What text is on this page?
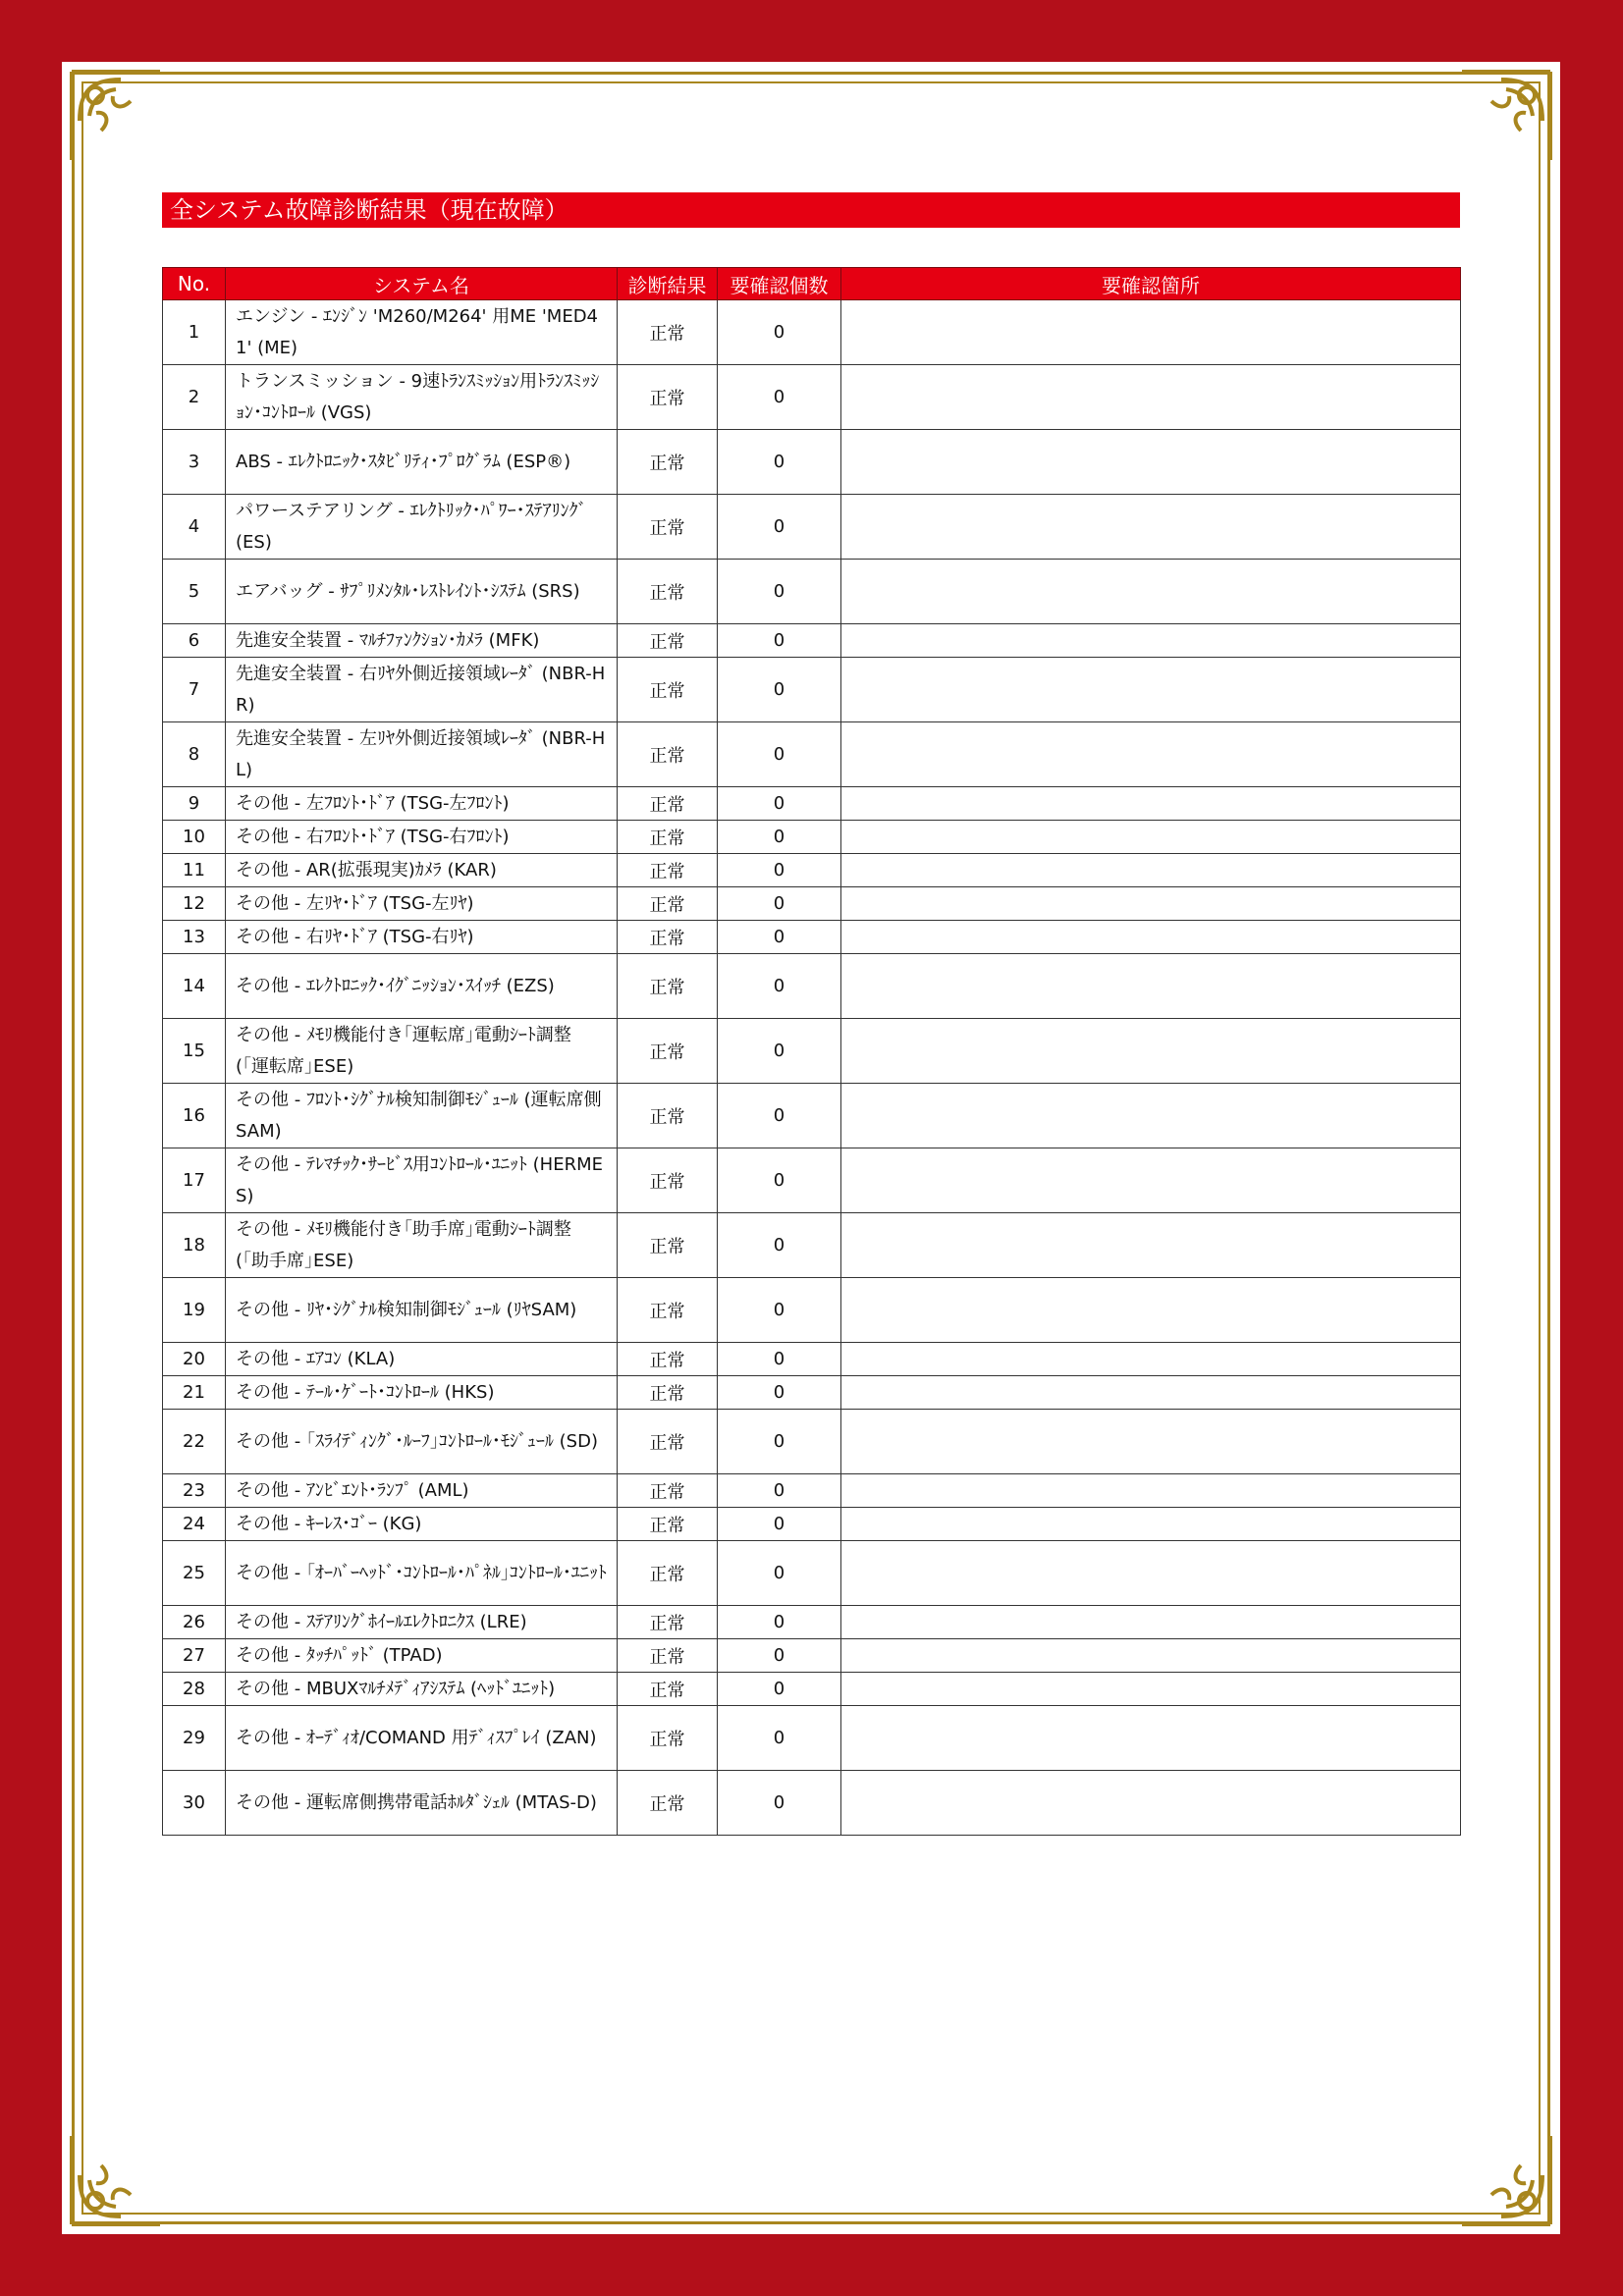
全システム故障診断結果（現在故障）
No.	システム名	診断結果	要確認個数	要確認箇所
1	エンジン - ｴﾝｼﾞﾝ 'M260/M264' 用ME 'MED41' (ME)	正常	0	
2	トランスミッション - 9速ﾄﾗﾝｽﾐｯｼｮﾝ用ﾄﾗﾝｽﾐｯｼｮﾝ･ｺﾝﾄﾛｰﾙ (VGS)	正常	0	
3	ABS - ｴﾚｸﾄﾛﾆｯｸ･ｽﾀﾋﾞﾘﾃｨ･ﾌﾟﾛｸﾞﾗﾑ (ESP®)	正常	0	
4	パワーステアリング - ｴﾚｸﾄﾘｯｸ･ﾊﾟﾜｰ･ｽﾃｱﾘﾝｸﾞ (ES)	正常	0	
5	エアバッグ - ｻﾌﾟﾘﾒﾝﾀﾙ･ﾚｽﾄﾚｲﾝﾄ･ｼｽﾃﾑ (SRS)	正常	0	
6	先進安全装置 - ﾏﾙﾁﾌｧﾝｸｼｮﾝ･ｶﾒﾗ (MFK)	正常	0	
7	先進安全装置 - 右ﾘﾔ外側近接領域ﾚｰﾀﾞ (NBR-HR)	正常	0	
8	先進安全装置 - 左ﾘﾔ外側近接領域ﾚｰﾀﾞ (NBR-HL)	正常	0	
9	その他 - 左ﾌﾛﾝﾄ･ﾄﾞｱ (TSG-左ﾌﾛﾝﾄ)	正常	0	
10	その他 - 右ﾌﾛﾝﾄ･ﾄﾞｱ (TSG-右ﾌﾛﾝﾄ)	正常	0	
11	その他 - AR(拡張現実)ｶﾒﾗ (KAR)	正常	0	
12	その他 - 左ﾘﾔ･ﾄﾞｱ (TSG-左ﾘﾔ)	正常	0	
13	その他 - 右ﾘﾔ･ﾄﾞｱ (TSG-右ﾘﾔ)	正常	0	
14	その他 - ｴﾚｸﾄﾛﾆｯｸ･ｲｸﾞﾆｯｼｮﾝ･ｽｲｯﾁ (EZS)	正常	0	
15	その他 - ﾒﾓﾘ機能付き｢運転席｣電動ｼｰﾄ調整 (｢運転席｣ESE)	正常	0	
16	その他 - ﾌﾛﾝﾄ･ｼｸﾞﾅﾙ検知制御ﾓｼﾞｭｰﾙ (運転席側SAM)	正常	0	
17	その他 - ﾃﾚﾏﾁｯｸ･ｻｰﾋﾞｽ用ｺﾝﾄﾛｰﾙ･ﾕﾆｯﾄ (HERMES)	正常	0	
18	その他 - ﾒﾓﾘ機能付き｢助手席｣電動ｼｰﾄ調整 (｢助手席｣ESE)	正常	0	
19	その他 - ﾘﾔ･ｼｸﾞﾅﾙ検知制御ﾓｼﾞｭｰﾙ (ﾘﾔSAM)	正常	0	
20	その他 - ｴｱｺﾝ (KLA)	正常	0	
21	その他 - ﾃｰﾙ･ｹﾞｰﾄ･ｺﾝﾄﾛｰﾙ (HKS)	正常	0	
22	その他 - ｢ｽﾗｲﾃﾞｨﾝｸﾞ･ﾙｰﾌ｣ｺﾝﾄﾛｰﾙ･ﾓｼﾞｭｰﾙ (SD)	正常	0	
23	その他 - ｱﾝﾋﾞｴﾝﾄ･ﾗﾝﾌﾟ (AML)	正常	0	
24	その他 - ｷｰﾚｽ･ｺﾞｰ (KG)	正常	0	
25	その他 - ｢ｵｰﾊﾞｰﾍｯﾄﾞ･ｺﾝﾄﾛｰﾙ･ﾊﾟﾈﾙ｣ｺﾝﾄﾛｰﾙ･ﾕﾆｯﾄ	正常	0	
26	その他 - ｽﾃｱﾘﾝｸﾞﾎｲｰﾙｴﾚｸﾄﾛﾆｸｽ (LRE)	正常	0	
27	その他 - ﾀｯﾁﾊﾟｯﾄﾞ (TPAD)	正常	0	
28	その他 - MBUXﾏﾙﾁﾒﾃﾞｨｱｼｽﾃﾑ (ﾍｯﾄﾞﾕﾆｯﾄ)	正常	0	
29	その他 - ｵｰﾃﾞｨｵ/COMAND 用ﾃﾞｨｽﾌﾟﾚｲ (ZAN)	正常	0	
30	その他 - 運転席側携帯電話ﾎﾙﾀﾞｼｪﾙ (MTAS-D)	正常	0	
